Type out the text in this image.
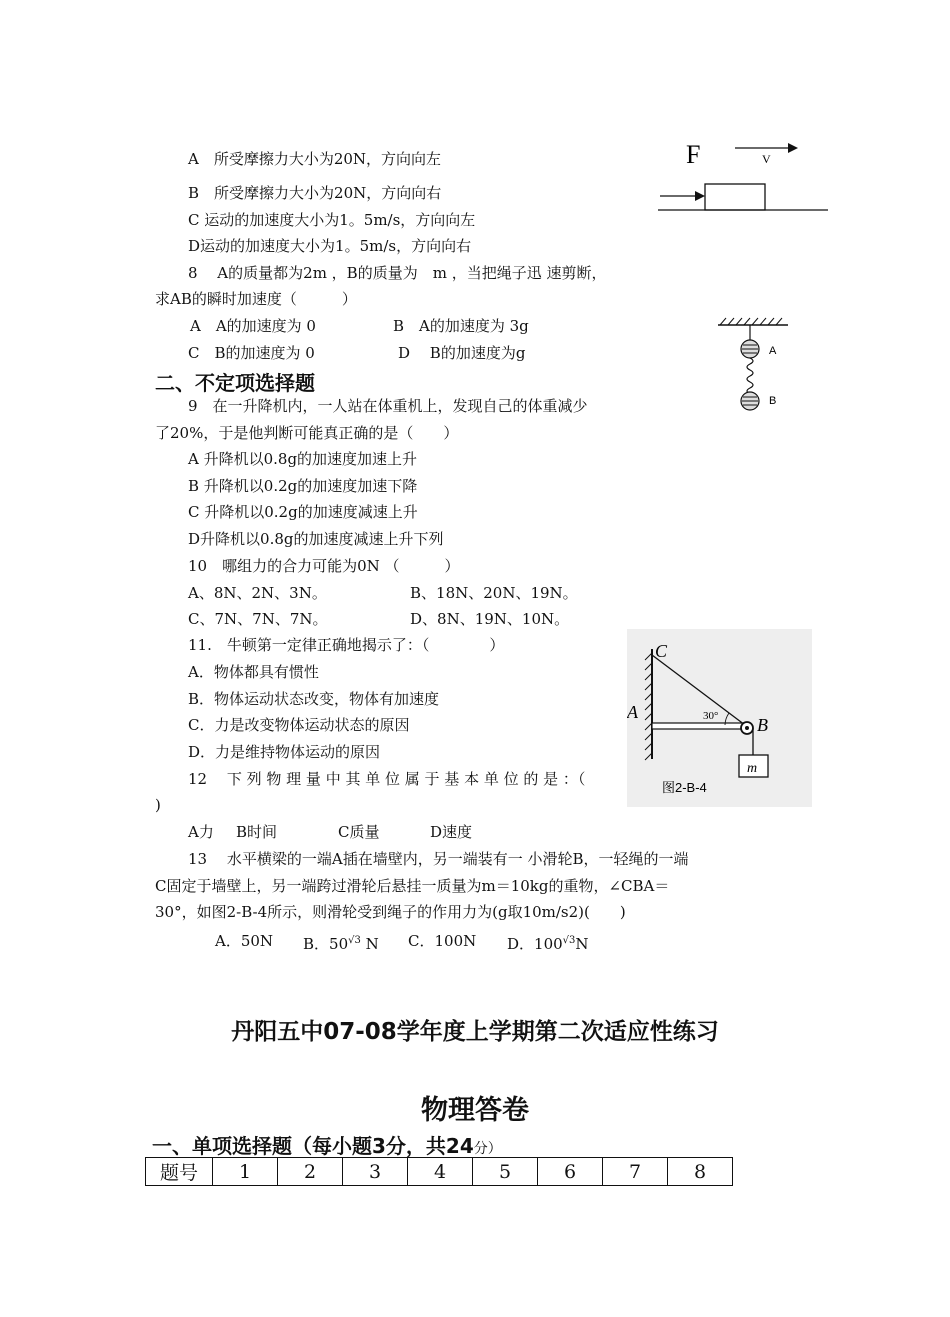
A　所受摩擦力大小为20N，方向向左
B　所受摩擦力大小为20N，方向向右
C 运动的加速度大小为1。5m/s，方向向左
D运动的加速度大小为1。5m/s，方向向右
F	V
8　 A的质量都为2m ，B的质量为　m ，当把绳子迅 速剪断，
求AB的瞬时加速度（　　　）
A　A的加速度为 0	B　A的加速度为 3g
C　B的加速度为 0	D　 B的加速度为g	A
B
二、不定项选择题
9　在一升降机内，一人站在体重机上，发现自己的体重减少
了20%，于是他判断可能真正确的是（　　）
A 升降机以0.8g的加速度加速上升
B 升降机以0.2g的加速度加速下降
C 升降机以0.2g的加速度减速上升
D升降机以0.8g的加速度减速上升下列
10　哪组力的合力可能为0N （　　　）
A、8N、2N、3N。	B、18N、20N、19N。
C、7N、7N、7N。	D、8N、19N、10N。
11.　牛顿第一定律正确地揭示了：（　　　　）
A．物体都具有惯性
B．物体运动状态改变，物体有加速度
C．力是改变物体运动状态的原因
D．力是维持物体运动的原因
12　 下 列 物 理 量 中 其 单 位 属 于 基 本 单 位 的 是 ：（
)
A力 B时间	C质量	D速度
C
A
B
30°
m
图2-B-4
13　 水平横梁的一端A插在墙壁内，另一端装有一 小滑轮B，一轻绳的一端
C固定于墙壁上，另一端跨过滑轮后悬挂一质量为m＝10kg的重物，∠CBA＝
30°，如图2-B-4所示，则滑轮受到绳子的作用力为(g取10m/s2)(　　)
A．50N B．$50^{√3}$ N C．100N D．$100^{√3}N$
丹阳五中07-08学年度上学期第二次适应性练习
物理答卷
一、单项选择题（每小题3分，共24分）
题号	1	2	3	4	5	6	7	8
